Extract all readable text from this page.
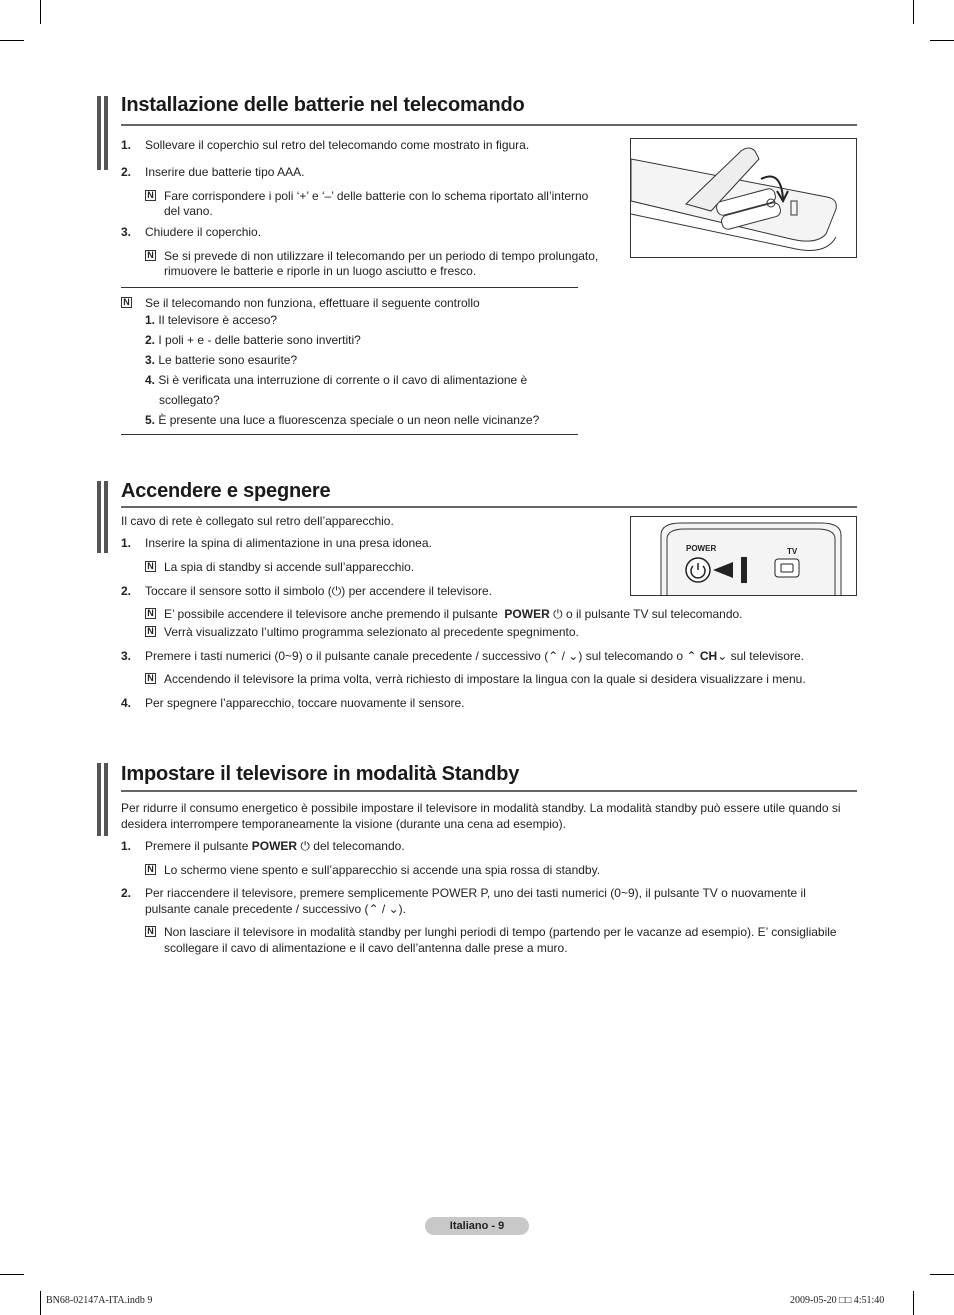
Installazione delle batterie nel telecomando
1. Sollevare il coperchio sul retro del telecomando come mostrato in figura.
2. Inserire due batterie tipo AAA.
N Fare corrispondere i poli ‘+’ e ‘–’ delle batterie con lo schema riportato all’interno
del vano.
3. Chiudere il coperchio.
N Se si prevede di non utilizzare il telecomando per un periodo di tempo prolungato,
rimuovere le batterie e riporle in un luogo asciutto e fresco.
N Se il telecomando non funziona, effettuare il seguente controllo
1. Il televisore è acceso?
2. I poli + e - delle batterie sono invertiti?
3. Le batterie sono esaurite?
4. Si è verificata una interruzione di corrente o il cavo di alimentazione è
scollegato?
5. È presente una luce a fluorescenza speciale o un neon nelle vicinanze?
Accendere e spegnere
Il cavo di rete è collegato sul retro dell’apparecchio.
1. Inserire la spina di alimentazione in una presa idonea.
N La spia di standby si accende sull’apparecchio.
2. Toccare il sensore sotto il simbolo (⏻) per accendere il televisore.
N E’ possibile accendere il televisore anche premendo il pulsante POWER ⏻ o il pulsante TV sul telecomando.
N Verrà visualizzato l’ultimo programma selezionato al precedente spegnimento.
3. Premere i tasti numerici (0~9) o il pulsante canale precedente / successivo (⌃ / ⌄) sul telecomando o ⌃ CH⌄ sul televisore.
N Accendendo il televisore la prima volta, verrà richiesto di impostare la lingua con la quale si desidera visualizzare i menu.
4. Per spegnere l’apparecchio, toccare nuovamente il sensore.
POWER	TV
Impostare il televisore in modalità Standby
Per ridurre il consumo energetico è possibile impostare il televisore in modalità standby. La modalità standby può essere utile quando si
desidera interrompere temporaneamente la visione (durante una cena ad esempio).
1. Premere il pulsante POWER ⏻ del telecomando.
N Lo schermo viene spento e sull’apparecchio si accende una spia rossa di standby.
2. Per riaccendere il televisore, premere semplicemente POWER P, uno dei tasti numerici (0~9), il pulsante TV o nuovamente il
pulsante canale precedente / successivo (⌃ / ⌄).
N Non lasciare il televisore in modalità standby per lunghi periodi di tempo (partendo per le vacanze ad esempio). E’ consigliabile
scollegare il cavo di alimentazione e il cavo dell’antenna dalle prese a muro.
Italiano - 9
BN68-02147A-ITA.indb 9	2009-05-20 □□ 4:51:40
